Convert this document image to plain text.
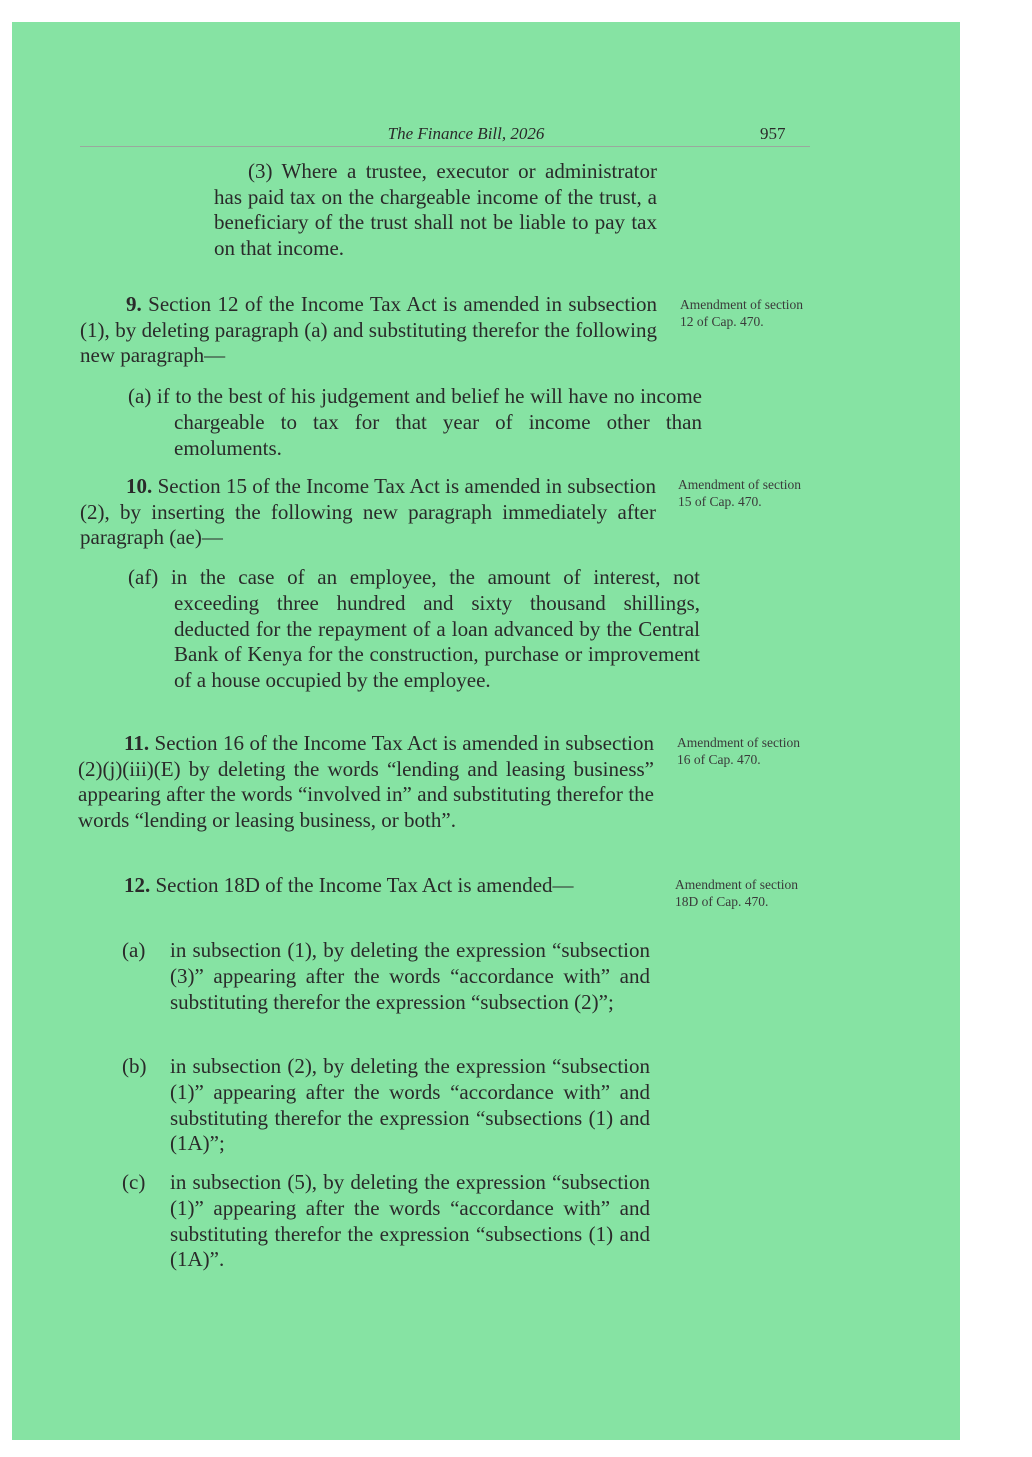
The Finance Bill, 2026	957
(3) Where a trustee, executor or administrator has paid tax on the chargeable income of the trust, a beneficiary of the trust shall not be liable to pay tax on that income.
9. Section 12 of the Income Tax Act is amended in subsection (1), by deleting paragraph (a) and substituting therefor the following new paragraph—
Amendment of section 12 of Cap. 470.
(a) if to the best of his judgement and belief he will have no income chargeable to tax for that year of income other than emoluments.
10. Section 15 of the Income Tax Act is amended in subsection (2), by inserting the following new paragraph immediately after paragraph (ae)—
Amendment of section 15 of Cap. 470.
(af) in the case of an employee, the amount of interest, not exceeding three hundred and sixty thousand shillings, deducted for the repayment of a loan advanced by the Central Bank of Kenya for the construction, purchase or improvement of a house occupied by the employee.
11. Section 16 of the Income Tax Act is amended in subsection (2)(j)(iii)(E) by deleting the words “lending and leasing business” appearing after the words “involved in” and substituting therefor the words “lending or leasing business, or both”.
Amendment of section 16 of Cap. 470.
12. Section 18D of the Income Tax Act is amended—	Amendment of section 18D of Cap. 470.
(a) in subsection (1), by deleting the expression “subsection (3)” appearing after the words “accordance with” and substituting therefor the expression “subsection (2)”;
(b) in subsection (2), by deleting the expression “subsection (1)” appearing after the words “accordance with” and substituting therefor the expression “subsections (1) and (1A)”;
(c) in subsection (5), by deleting the expression “subsection (1)” appearing after the words “accordance with” and substituting therefor the expression “subsections (1) and (1A)”.
